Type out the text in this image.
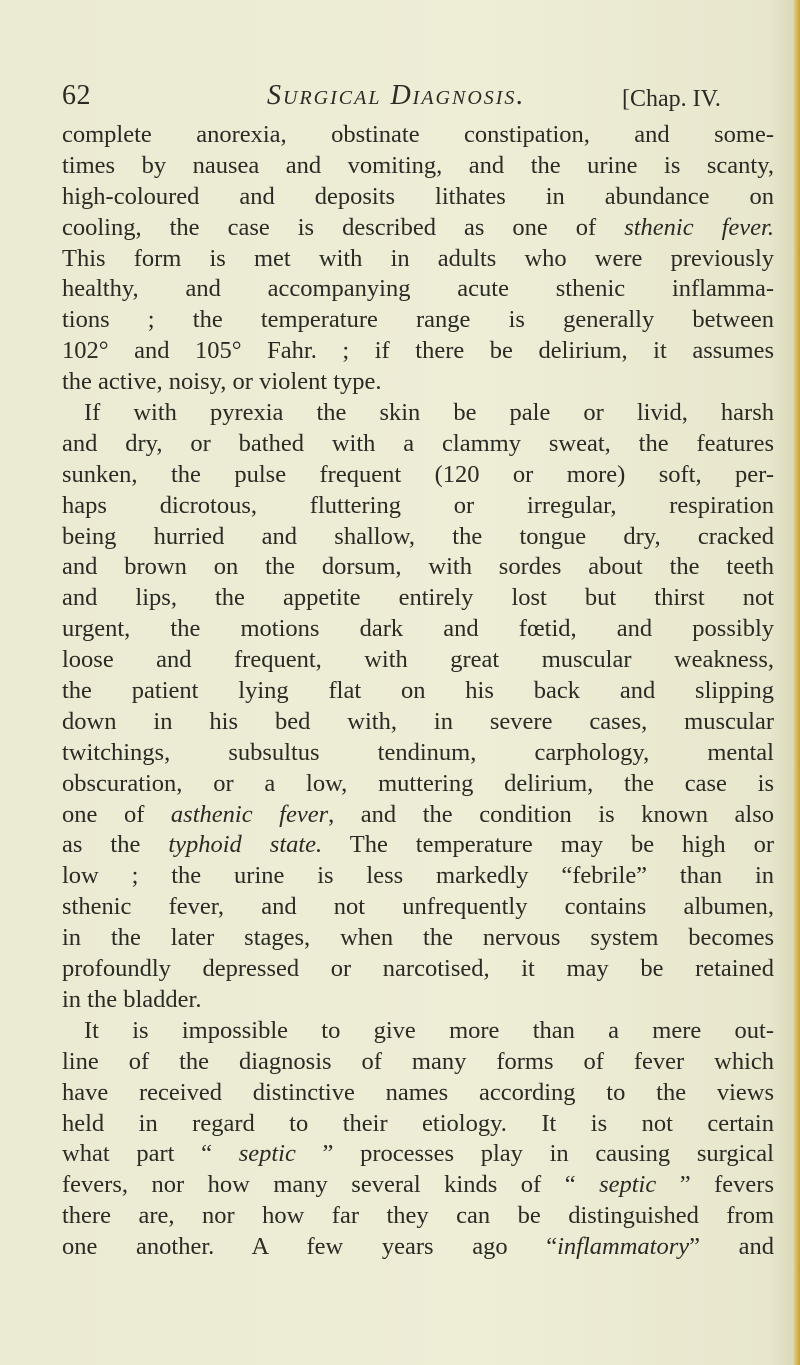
62	Surgical Diagnosis.	[Chap. IV.
complete anorexia, obstinate constipation, and some-
times by nausea and vomiting, and the urine is scanty,
high-coloured and deposits lithates in abundance on
cooling, the case is described as one of sthenic fever.
This form is met with in adults who were previously
healthy, and accompanying acute sthenic inflamma-
tions ; the temperature range is generally between
102° and 105° Fahr. ; if there be delirium, it assumes
the active, noisy, or violent type.
If with pyrexia the skin be pale or livid, harsh
and dry, or bathed with a clammy sweat, the features
sunken, the pulse frequent (120 or more) soft, per-
haps dicrotous, fluttering or irregular, respiration
being hurried and shallow, the tongue dry, cracked
and brown on the dorsum, with sordes about the teeth
and lips, the appetite entirely lost but thirst not
urgent, the motions dark and fœtid, and possibly
loose and frequent, with great muscular weakness,
the patient lying flat on his back and slipping
down in his bed with, in severe cases, muscular
twitchings, subsultus tendinum, carphology, mental
obscuration, or a low, muttering delirium, the case is
one of asthenic fever, and the condition is known also
as the typhoid state. The temperature may be high or
low ; the urine is less markedly “febrile” than in
sthenic fever, and not unfrequently contains albumen,
in the later stages, when the nervous system becomes
profoundly depressed or narcotised, it may be retained
in the bladder.
It is impossible to give more than a mere out-
line of the diagnosis of many forms of fever which
have received distinctive names according to the views
held in regard to their etiology. It is not certain
what part “ septic ” processes play in causing surgical
fevers, nor how many several kinds of “ septic ” fevers
there are, nor how far they can be distinguished from
one another. A few years ago “inflammatory” and
